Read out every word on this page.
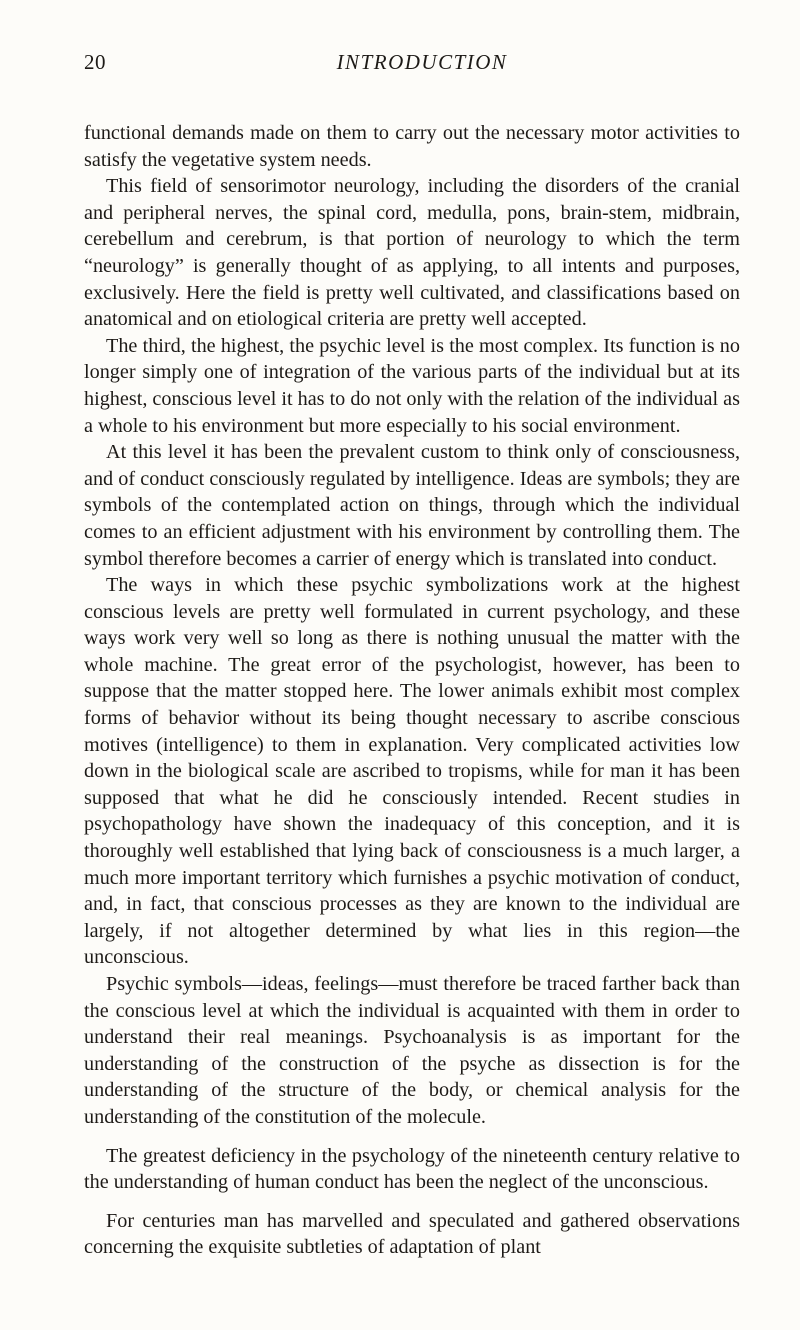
20	INTRODUCTION

functional demands made on them to carry out the necessary motor activities to satisfy the vegetative system needs.

This field of sensorimotor neurology, including the disorders of the cranial and peripheral nerves, the spinal cord, medulla, pons, brain-stem, midbrain, cerebellum and cerebrum, is that portion of neurology to which the term “neurology” is generally thought of as applying, to all intents and purposes, exclusively. Here the field is pretty well cultivated, and classifications based on anatomical and on etiological criteria are pretty well accepted.

The third, the highest, the psychic level is the most complex. Its function is no longer simply one of integration of the various parts of the individual but at its highest, conscious level it has to do not only with the relation of the individual as a whole to his environment but more especially to his social environment.

At this level it has been the prevalent custom to think only of consciousness, and of conduct consciously regulated by intelligence. Ideas are symbols; they are symbols of the contemplated action on things, through which the individual comes to an efficient adjustment with his environment by controlling them. The symbol therefore becomes a carrier of energy which is translated into conduct.

The ways in which these psychic symbolizations work at the highest conscious levels are pretty well formulated in current psychology, and these ways work very well so long as there is nothing unusual the matter with the whole machine. The great error of the psychologist, however, has been to suppose that the matter stopped here. The lower animals exhibit most complex forms of behavior without its being thought necessary to ascribe conscious motives (intelligence) to them in explanation. Very complicated activities low down in the biological scale are ascribed to tropisms, while for man it has been supposed that what he did he consciously intended. Recent studies in psychopathology have shown the inadequacy of this conception, and it is thoroughly well established that lying back of consciousness is a much larger, a much more important territory which furnishes a psychic motivation of conduct, and, in fact, that conscious processes as they are known to the individual are largely, if not altogether determined by what lies in this region—the unconscious.

Psychic symbols—ideas, feelings—must therefore be traced farther back than the conscious level at which the individual is acquainted with them in order to understand their real meanings. Psychoanalysis is as important for the understanding of the construction of the psyche as dissection is for the understanding of the structure of the body, or chemical analysis for the understanding of the constitution of the molecule.

The greatest deficiency in the psychology of the nineteenth century relative to the understanding of human conduct has been the neglect of the unconscious.

For centuries man has marvelled and speculated and gathered observations concerning the exquisite subtleties of adaptation of plant
